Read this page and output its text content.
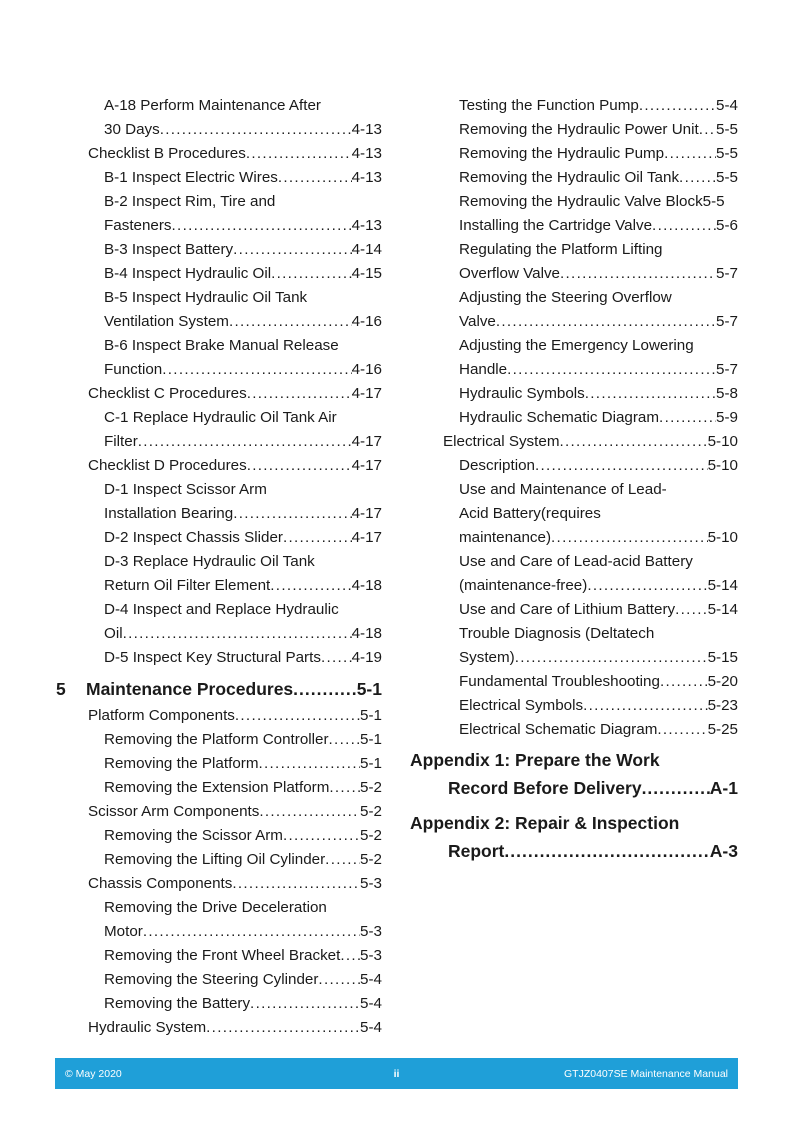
A-18 Perform Maintenance After
30 Days .....	4-13
Checklist B Procedures .....	4-13
B-1 Inspect Electric Wires .....	4-13
B-2 Inspect Rim, Tire and
Fasteners .....	4-13
B-3 Inspect Battery .....	4-14
B-4 Inspect Hydraulic Oil .....	4-15
B-5 Inspect Hydraulic Oil Tank
Ventilation System .....	4-16
B-6 Inspect Brake Manual Release
Function .....	4-16
Checklist C Procedures .....	4-17
C-1 Replace Hydraulic Oil Tank Air
Filter .....	4-17
Checklist D Procedures .....	4-17
D-1 Inspect Scissor Arm
Installation Bearing .....	4-17
D-2 Inspect Chassis Slider .....	4-17
D-3 Replace Hydraulic Oil Tank
Return Oil Filter Element .....	4-18
D-4 Inspect and Replace Hydraulic
Oil .....	4-18
D-5 Inspect Key Structural Parts ..... 4-19
5	Maintenance Procedures .....	5-1
Platform Components .....	5-1
Removing the Platform Controller ..... 5-1
Removing the Platform .....	5-1
Removing the Extension Platform ..... 5-2
Scissor Arm Components .....	5-2
Removing the Scissor Arm .....	5-2
Removing the Lifting Oil Cylinder ..... 5-2
Chassis Components .....	5-3
Removing the Drive Deceleration
Motor .....	5-3
Removing the Front Wheel Bracket ..... 5-3
Removing the Steering Cylinder .....	5-4
Removing the Battery .....	5-4
Hydraulic System .....	5-4
Testing the Function Pump .....	5-4
Removing the Hydraulic Power Unit ..... 5-5
Removing the Hydraulic Pump .....	5-5
Removing the Hydraulic Oil Tank ..... 5-5
Removing the Hydraulic Valve Block 5-5
Installing the Cartridge Valve .....	5-6
Regulating the Platform Lifting
Overflow Valve .....	5-7
Adjusting the Steering Overflow
Valve .....	5-7
Adjusting the Emergency Lowering
Handle .....	5-7
Hydraulic Symbols .....	5-8
Hydraulic Schematic Diagram .....	5-9
Electrical System .....	5-10
Description .....	5-10
Use and Maintenance of Lead-
Acid Battery(requires
maintenance) .....	5-10
Use and Care of Lead-acid Battery
(maintenance-free) .....	5-14
Use and Care of Lithium Battery ..... 5-14
Trouble Diagnosis (Deltatech
System) .....	5-15
Fundamental Troubleshooting .....	5-20
Electrical Symbols .....	5-23
Electrical Schematic Diagram .....	5-25
Appendix 1: Prepare the Work
Record Before Delivery .....	A-1
Appendix 2: Repair & Inspection
Report .....	A-3
© May 2020	ii	GTJZ0407SE Maintenance Manual
